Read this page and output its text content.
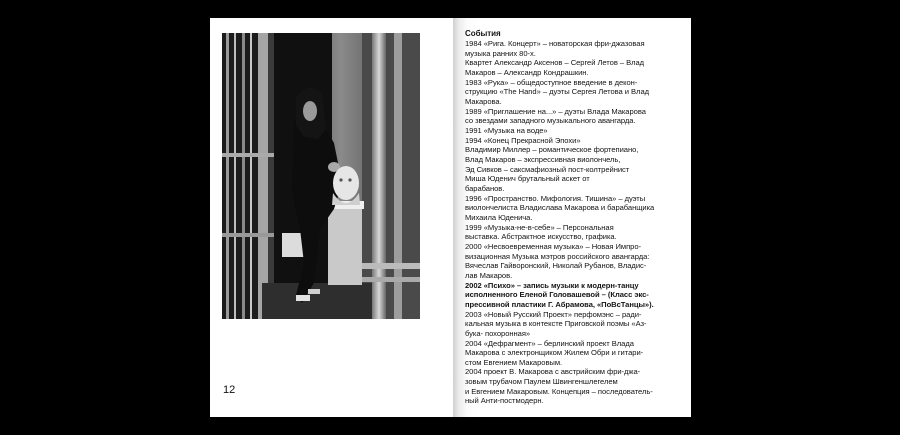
12
События
1984 «Рига. Концерт» – новаторская фри-джазовая
музыка ранних 80-х.
Квартет Александр Аксенов – Сергей Летов – Влад
Макаров – Александр Кондрашкин.
1983 «Рука» – общедоступное введение в декон-
струкцию «The Hand» – дуэты Сергея Летова и Влад
Макарова.
1989 «Приглашение на...» – дуэты Влада Макарова
со звездами западного музыкального авангарда.
1991 «Музыка на воде»
1994 «Конец Прекрасной Эпохи»
Владимир Миллер – романтическое фортепиано,
Влад Макаров – экспрессивная виолончель,
Эд Сивков – саксмафиозный пост-колтрейнист
Миша Юденич брутальный аскет от
барабанов.
1996 «Пространство. Мифология. Тишина» – дуэты
виолончелиста Владислава Макарова и барабанщика
Михаила Юденича.
1999 «Музыка-не-в-себе» – Персональная
выставка. Абстрактное искусство, графика.
2000 «Несвоевременная музыка» – Новая Импро-
визационная Музыка мэтров российского авангарда:
Вячеслав Гайворонский, Николай Рубанов, Владис-
лав Макаров.
2002 «Психо» – запись музыки к модерн-танцу
исполненного Еленой Головашевой – (Класс экс-
прессивной пластики Г. Абрамова, «ПоВсТанцы»).
2003 «Новый Русский Проект» перфомэнс – ради-
кальная музыка в контексте Приговской поэмы «Аз-
бука- похоронная»
2004 «Дефрагмент» – берлинский проект Влада
Макарова с электронщиком Жилем Обри и гитари-
стом Евгением Макаровым.
2004 проект В. Макарова с австрийским фри-джа-
зовым трубачом Паулем Швингеншлегелем
и Евгением Макаровым. Концепция – последователь-
ный Анти-постмодерн.
